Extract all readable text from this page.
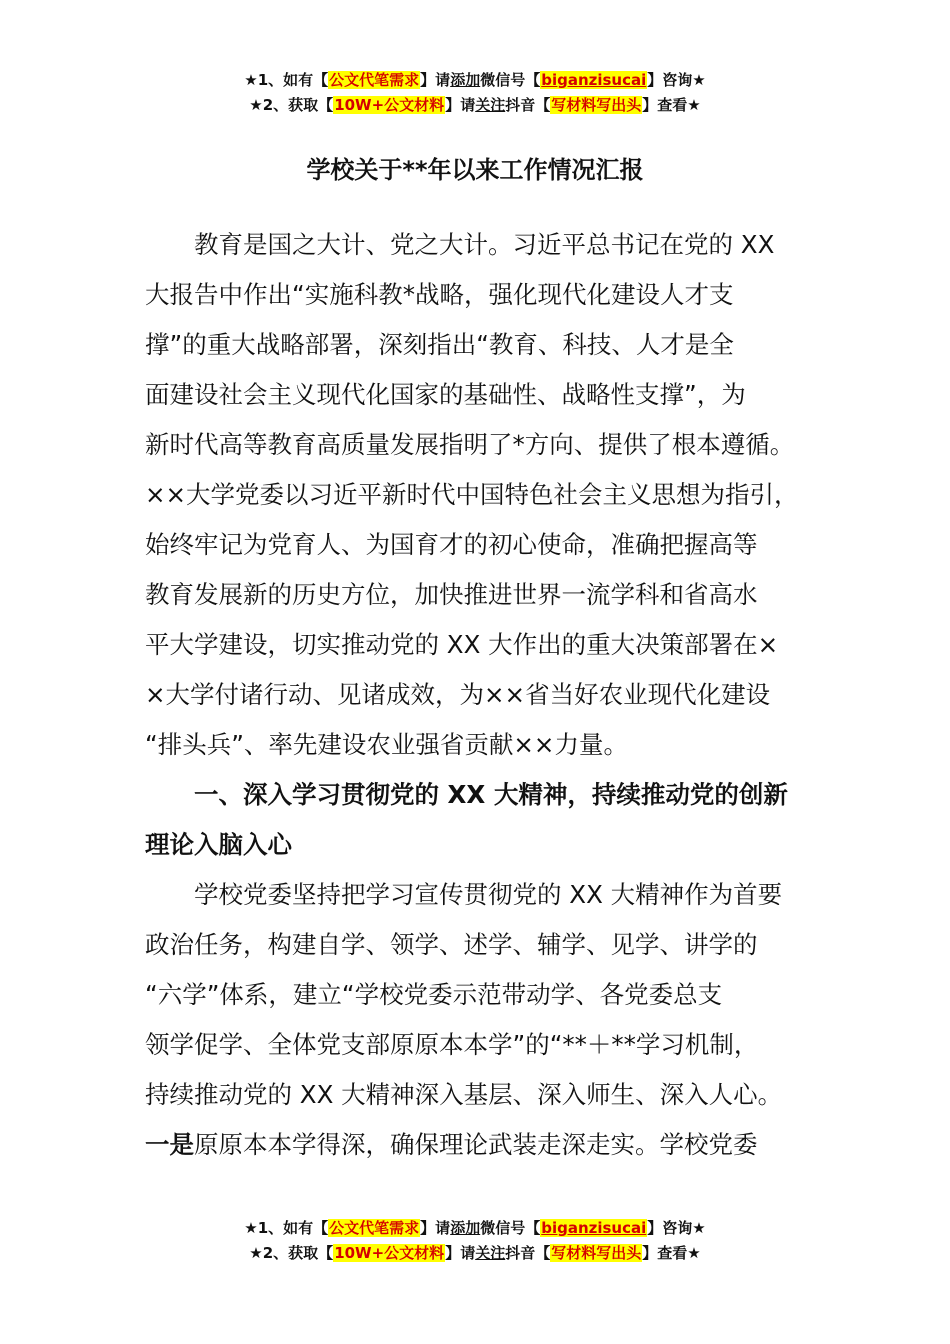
★1、如有【公文代笔需求】请添加微信号【biganzisucai】咨询★
★2、获取【10W+公文材料】请关注抖音【写材料写出头】查看★
学校关于**年以来工作情况汇报

教育是国之大计、党之大计。习近平总书记在党的 XX
大报告中作出“实施科教*战略，强化现代化建设人才支
撑”的重大战略部署，深刻指出“教育、科技、人才是全
面建设社会主义现代化国家的基础性、战略性支撑”，为
新时代高等教育高质量发展指明了*方向、提供了根本遵循。
××大学党委以习近平新时代中国特色社会主义思想为指引，
始终牢记为党育人、为国育才的初心使命，准确把握高等
教育发展新的历史方位，加快推进世界一流学科和省高水
平大学建设，切实推动党的 XX 大作出的重大决策部署在×
×大学付诸行动、见诸成效，为××省当好农业现代化建设
“排头兵”、率先建设农业强省贡献××力量。

一、深入学习贯彻党的 XX 大精神，持续推动党的创新
理论入脑入心

学校党委坚持把学习宣传贯彻党的 XX 大精神作为首要
政治任务，构建自学、领学、述学、辅学、见学、讲学的
“六学”体系，建立“学校党委示范带动学、各党委总支
领学促学、全体党支部原原本本学”的“**＋**学习机制，
持续推动党的 XX 大精神深入基层、深入师生、深入人心。
一是原原本本学得深，确保理论武装走深走实。学校党委

★1、如有【公文代笔需求】请添加微信号【biganzisucai】咨询★
★2、获取【10W+公文材料】请关注抖音【写材料写出头】查看★
